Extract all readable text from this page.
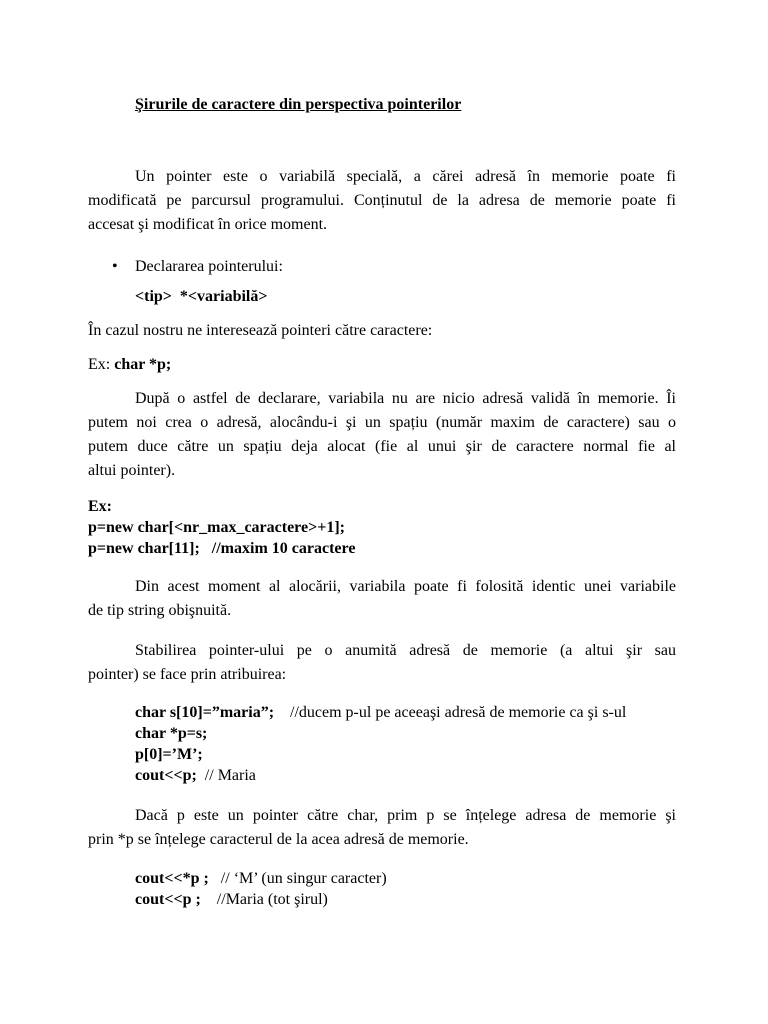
Şirurile de caractere din perspectiva pointerilor
Un pointer este o variabilă specială, a cărei adresă în memorie poate fi
modificată pe parcursul programului. Conținutul de la adresa de memorie poate fi
accesat şi modificat în orice moment.
• Declararea pointerului:
<tip>  *<variabilă>
În cazul nostru ne interesează pointeri către caractere:
Ex: char *p;
După o astfel de declarare, variabila nu are nicio adresă validă în memorie. Îi
putem noi crea o adresă, alocându-i şi un spațiu (număr maxim de caractere) sau o
putem duce către un spațiu deja alocat (fie al unui şir de caractere normal fie al
altui pointer).
Ex:
p=new char[<nr_max_caractere>+1];
p=new char[11];   //maxim 10 caractere
Din acest moment al alocării, variabila poate fi folosită identic unei variabile
de tip string obişnuită.
Stabilirea pointer-ului pe o anumită adresă de memorie (a altui şir sau
pointer) se face prin atribuirea:
char s[10]=”maria”;    //ducem p-ul pe aceeaşi adresă de memorie ca şi s-ul
char *p=s;
p[0]=’M’;
cout<<p;  // Maria
Dacă p este un pointer către char, prim p se înțelege adresa de memorie şi
prin *p se înțelege caracterul de la acea adresă de memorie.
cout<<*p ;   // ‘M’ (un singur caracter)
cout<<p ;    //Maria (tot şirul)
